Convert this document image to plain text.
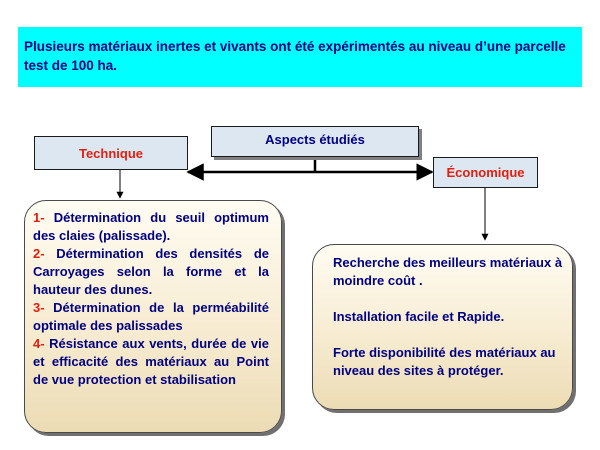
Plusieurs matériaux inertes et vivants ont été expérimentés au niveau d’une parcelle test de 100 ha.
Aspects étudiés
Technique
Économique
1- Détermination du seuil optimum des claies (palissade).
2- Détermination des densités de Carroyages selon la forme et la hauteur des dunes.
3- Détermination de la perméabilité optimale des palissades
4- Résistance aux vents, durée de vie et efficacité des matériaux au Point de vue protection et stabilisation

Recherche des meilleurs matériaux à moindre coût .

Installation facile et Rapide.

Forte disponibilité des matériaux au niveau des sites à protéger.
